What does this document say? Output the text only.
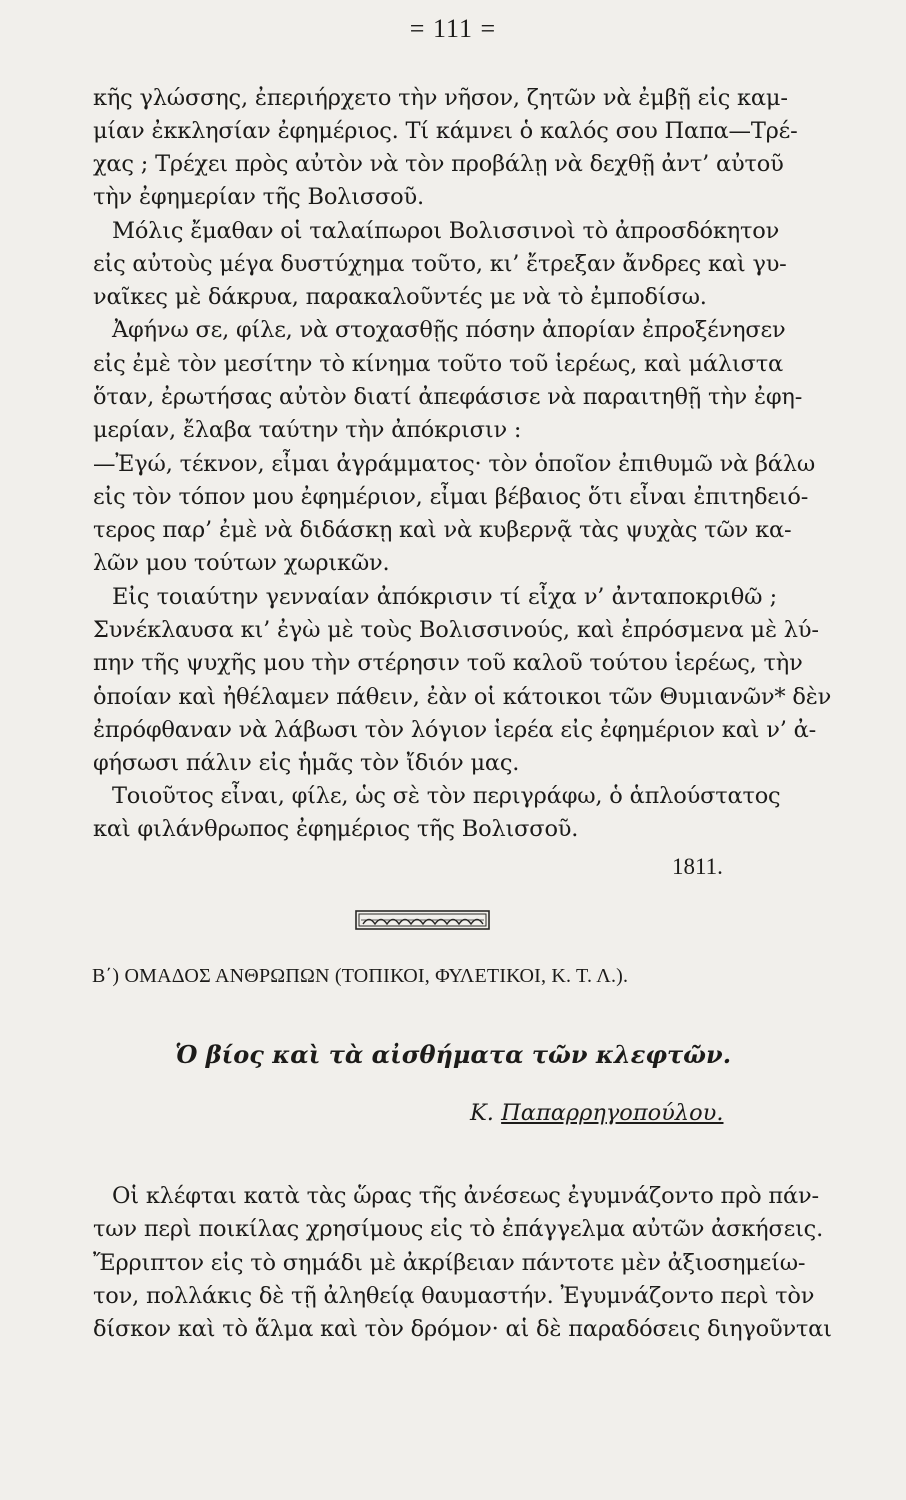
= 111 =
κῆς γλώσσης, ἐπεριήρχετο τὴν νῆσον, ζητῶν νὰ ἐμβῇ εἰς καμ-
μίαν ἐκκλησίαν ἐφημέριος. Τί κάμνει ὁ καλός σου Παπα—Τρέ-
χας ; Τρέχει πρὸς αὐτὸν νὰ τὸν προβάλῃ νὰ δεχθῇ ἀντ’ αὐτοῦ
τὴν ἐφημερίαν τῆς Βολισσοῦ.
Μόλις ἔμαθαν οἱ ταλαίπωροι Βολισσινοὶ τὸ ἀπροσδόκητον
εἰς αὐτοὺς μέγα δυστύχημα τοῦτο, κι’ ἔτρεξαν ἄνδρες καὶ γυ-
ναῖκες μὲ δάκρυα, παρακαλοῦντές με νὰ τὸ ἐμποδίσω.
Ἀφήνω σε, φίλε, νὰ στοχασθῇς πόσην ἀπορίαν ἐπροξένησεν
εἰς ἐμὲ τὸν μεσίτην τὸ κίνημα τοῦτο τοῦ ἱερέως, καὶ μάλιστα
ὅταν, ἐρωτήσας αὐτὸν διατί ἀπεφάσισε νὰ παραιτηθῇ τὴν ἐφη-
μερίαν, ἔλαβα ταύτην τὴν ἀπόκρισιν :
—Ἐγώ, τέκνον, εἶμαι ἀγράμματος· τὸν ὁποῖον ἐπιθυμῶ νὰ βάλω
εἰς τὸν τόπον μου ἐφημέριον, εἶμαι βέβαιος ὅτι εἶναι ἐπιτηδειό-
τερος παρ’ ἐμὲ νὰ διδάσκῃ καὶ νὰ κυβερνᾷ τὰς ψυχὰς τῶν κα-
λῶν μου τούτων χωρικῶν.
Εἰς τοιαύτην γενναίαν ἀπόκρισιν τί εἶχα ν’ ἀνταποκριθῶ ;
Συνέκλαυσα κι’ ἐγὼ μὲ τοὺς Βολισσινούς, καὶ ἐπρόσμενα μὲ λύ-
πην τῆς ψυχῆς μου τὴν στέρησιν τοῦ καλοῦ τούτου ἱερέως, τὴν
ὁποίαν καὶ ἠθέλαμεν πάθειν, ἐὰν οἱ κάτοικοι τῶν Θυμιανῶν* δὲν
ἐπρόφθαναν νὰ λάβωσι τὸν λόγιον ἱερέα εἰς ἐφημέριον καὶ ν’ ἀ-
φήσωσι πάλιν εἰς ἡμᾶς τὸν ἴδιόν μας.
Τοιοῦτος εἶναι, φίλε, ὡς σὲ τὸν περιγράφω, ὁ ἁπλούστατος
καὶ φιλάνθρωπος ἐφημέριος τῆς Βολισσοῦ.
1811.
Β΄) ΟΜΑΔΟΣ ΑΝΘΡΩΠΩΝ (ΤΟΠΙΚΟΙ, ΦΥΛΕΤΙΚΟΙ, Κ. Τ. Λ.).
Ὁ βίος καὶ τὰ αἰσθήματα τῶν κλεφτῶν.
Κ. Παπαρρηγοπούλου.
Οἱ κλέφται κατὰ τὰς ὥρας τῆς ἀνέσεως ἐγυμνάζοντο πρὸ πάν-
των περὶ ποικίλας χρησίμους εἰς τὸ ἐπάγγελμα αὐτῶν ἀσκήσεις.
Ἔρριπτον εἰς τὸ σημάδι μὲ ἀκρίβειαν πάντοτε μὲν ἀξιοσημείω-
τον, πολλάκις δὲ τῇ ἀληθείᾳ θαυμαστήν. Ἐγυμνάζοντο περὶ τὸν
δίσκον καὶ τὸ ἅλμα καὶ τὸν δρόμον· αἱ δὲ παραδόσεις διηγοῦνται
